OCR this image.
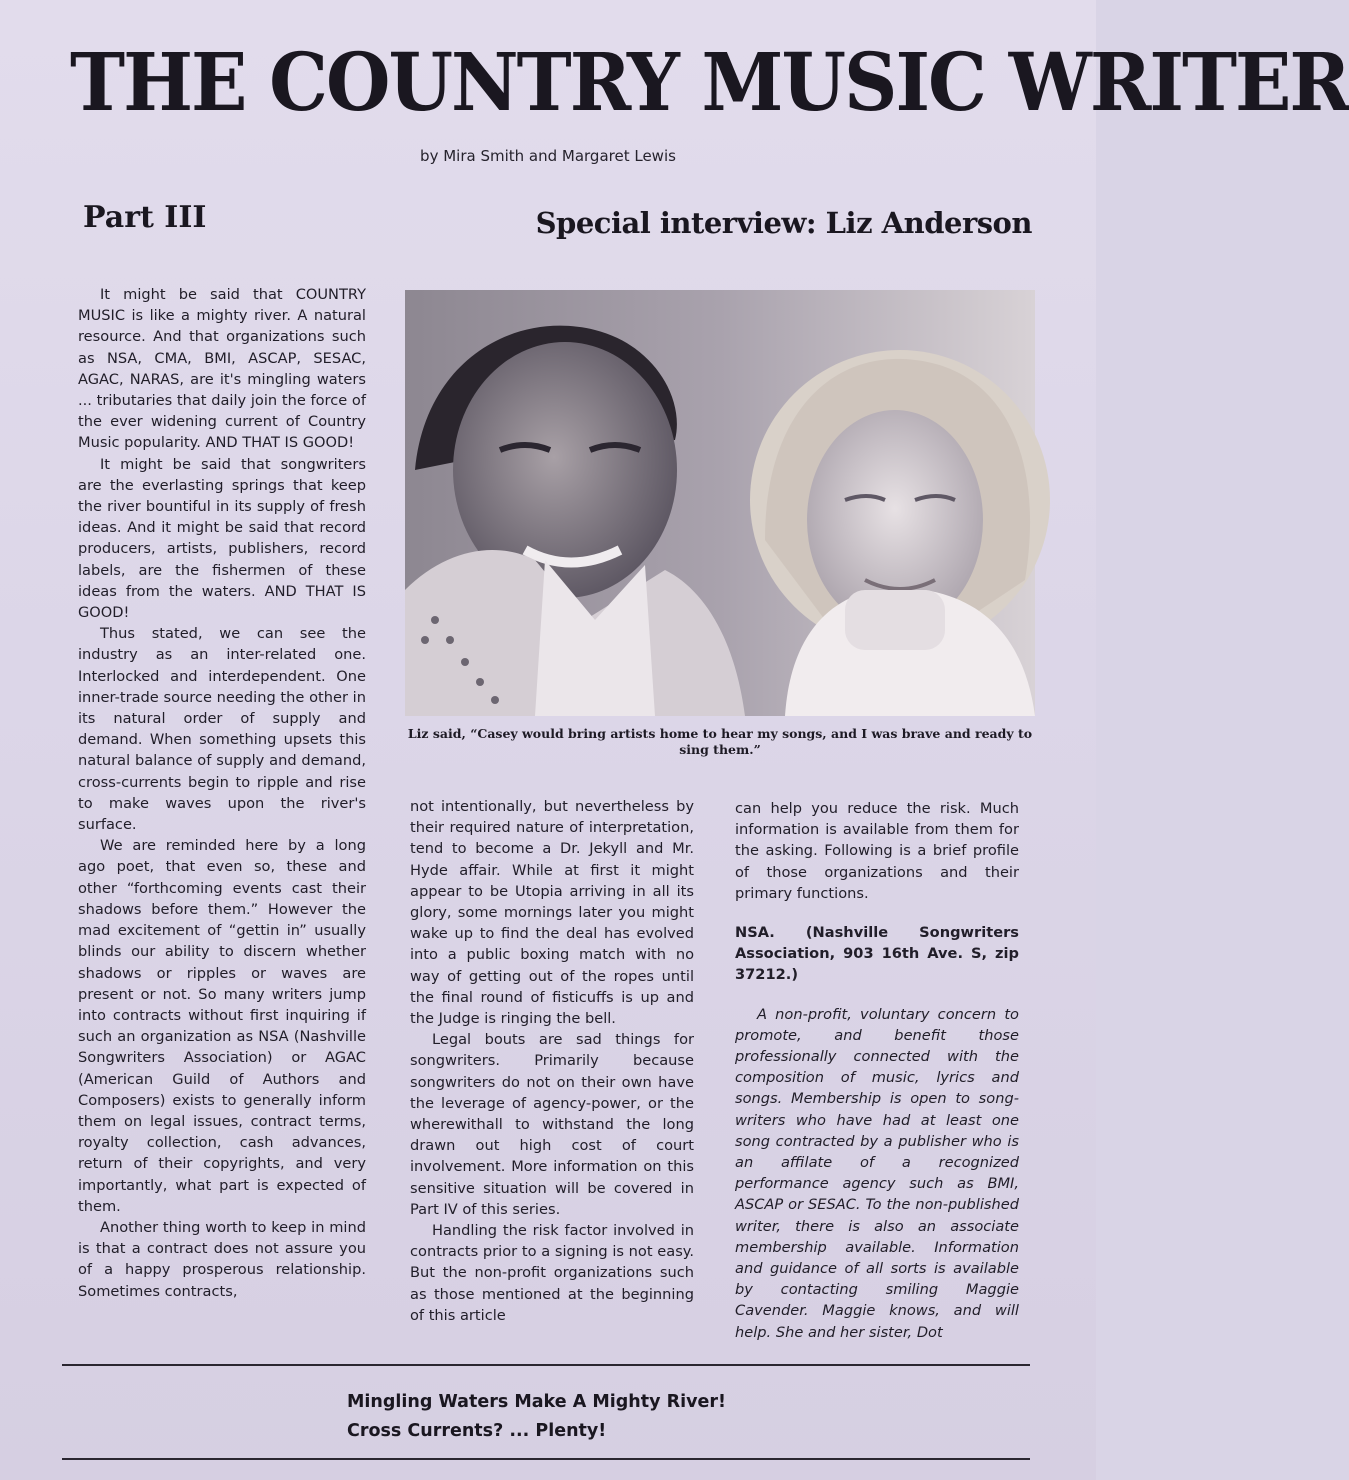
THE COUNTRY MUSIC WRITER
by Mira Smith and Margaret Lewis
Part III	Special interview: Liz Anderson

It might be said that COUNTRY MUSIC is like a mighty river. A natural resource. And that organizations such as NSA, CMA, BMI, ASCAP, SESAC, AGAC, NARAS, are it's mingling waters ... tributaries that daily join the force of the ever widening current of Country Music popularity. AND THAT IS GOOD!

It might be said that songwriters are the everlasting springs that keep the river bountiful in its supply of fresh ideas. And it might be said that record producers, artists, publishers, record labels, are the fishermen of these ideas from the waters. AND THAT IS GOOD!

Thus stated, we can see the industry as an inter-related one. Interlocked and interdependent. One inner-trade source needing the other in its natural order of supply and demand. When something upsets this natural balance of supply and demand, cross-currents begin to ripple and rise to make waves upon the river's surface.

We are reminded here by a long ago poet, that even so, these and other “forthcoming events cast their shadows before them.” However the mad excitement of “gettin in” usually blinds our ability to discern whether shadows or ripples or waves are present or not. So many writers jump into contracts without first inquiring if such an organization as NSA (Nashville Songwriters Association) or AGAC (American Guild of Authors and Composers) exists to generally inform them on legal issues, contract terms, royalty collection, cash advances, return of their copyrights, and very importantly, what part is expected of them.

Another thing worth to keep in mind is that a contract does not assure you of a happy prosperous relationship. Sometimes contracts,

Liz said, “Casey would bring artists home to hear my songs, and I was brave and ready to sing them.”

not intentionally, but nevertheless by their required nature of interpretation, tend to become a Dr. Jekyll and Mr. Hyde affair. While at first it might appear to be Utopia arriving in all its glory, some mornings later you might wake up to find the deal has evolved into a public boxing match with no way of getting out of the ropes until the final round of fisticuffs is up and the Judge is ringing the bell.

Legal bouts are sad things for songwriters. Primarily because songwriters do not on their own have the leverage of agency-power, or the wherewithall to withstand the long drawn out high cost of court involvement. More information on this sensitive situation will be covered in Part IV of this series.

Handling the risk factor involved in contracts prior to a signing is not easy. But the non-profit organizations such as those mentioned at the beginning of this article

can help you reduce the risk. Much information is available from them for the asking. Following is a brief profile of those organizations and their primary functions.

NSA. (Nashville Songwriters Association, 903 16th Ave. S, zip 37212.)

A non-profit, voluntary concern to promote, and benefit those professionally connected with the composition of music, lyrics and songs. Membership is open to song-writers who have had at least one song contracted by a publisher who is an affilate of a recognized performance agency such as BMI, ASCAP or SESAC. To the non-published writer, there is also an associate membership available. Information and guidance of all sorts is available by contacting smiling Maggie Cavender. Maggie knows, and will help. She and her sister, Dot

Mingling Waters Make A Mighty River!
Cross Currents? ... Plenty!
